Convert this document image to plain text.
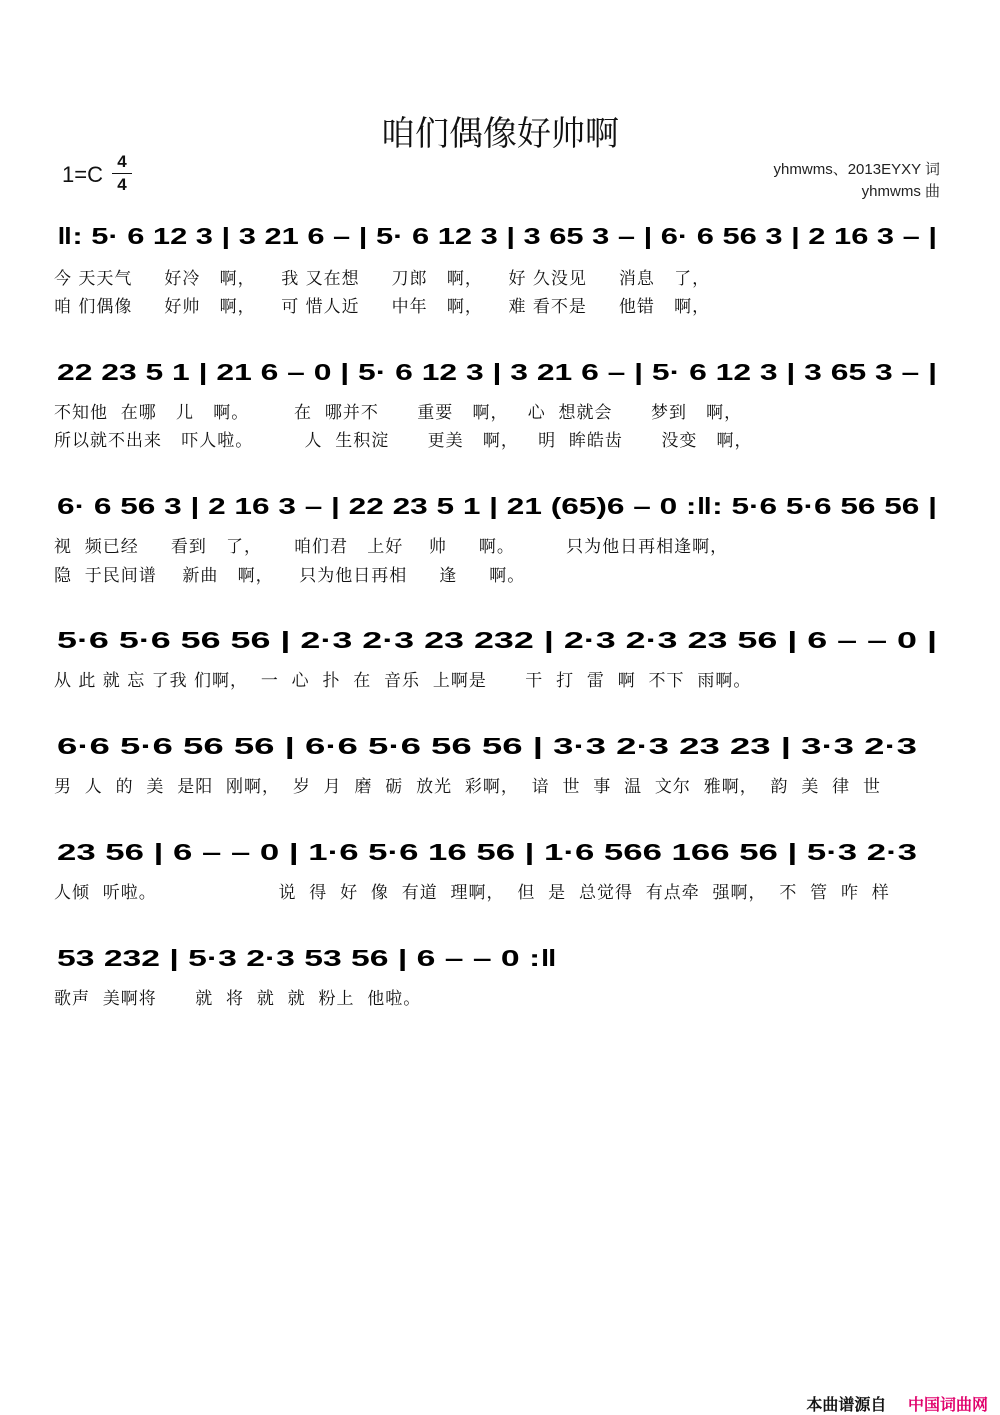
咱们偶像好帅啊
1=C
4
4
yhmwms、2013EYXY 词
yhmwms 曲
‖: 5· 6 12 3 | 3 21 6 – | 5· 6 12 3 | 3 65 3 – | 6· 6 56 3 | 2 16 3 – |
今 天天气     好冷   啊，    我 又在想     刀郎   啊，    好 久没见     消息   了，
咱 们偶像     好帅   啊，    可 惜人近     中年   啊，    难 看不是     他错   啊，
22 23 5 1 | 21 6 – 0 | 5· 6 12 3 | 3 21 6 – | 5· 6 12 3 | 3 65 3 – |
不知他  在哪   儿   啊。       在  哪并不      重要   啊，   心  想就会      梦到   啊，
所以就不出来   吓人啦。        人  生积淀      更美   啊，   明  眸皓齿      没变   啊，
6· 6 56 3 | 2 16 3 – | 22 23 5 1 | 21 (65)6 – 0 :‖: 5·6 5·6 56 56 |
视  频已经     看到   了，     咱们君   上好    帅     啊。        只为他日再相逢啊，
隐  于民间谱    新曲   啊，    只为他日再相     逢     啊。
5·6 5·6 56 56 | 2·3 2·3 23 232 | 2·3 2·3 23 56 | 6 – – 0 |
从 此 就 忘 了我 们啊，  一  心  扑  在  音乐  上啊是      干  打  雷  啊  不下  雨啊。
6·6 5·6 56 56 | 6·6 5·6 56 56 | 3·3 2·3 23 23 | 3·3 2·3
男  人  的  美  是阳  刚啊，  岁  月  磨  砺  放光  彩啊，  谙  世  事  温  文尔  雅啊，  韵  美  律  世
23 56 | 6 – – 0 | 1·6 5·6 16 56 | 1·6 566 166 56 | 5·3 2·3
人倾  听啦。                   说  得  好  像  有道  理啊，  但  是  总觉得  有点牵  强啊，  不  管  咋  样
53 232 | 5·3 2·3 53 56 | 6 – – 0 :‖
歌声  美啊将      就  将  就  就  粉上  他啦。
本曲谱源自 中国词曲网
